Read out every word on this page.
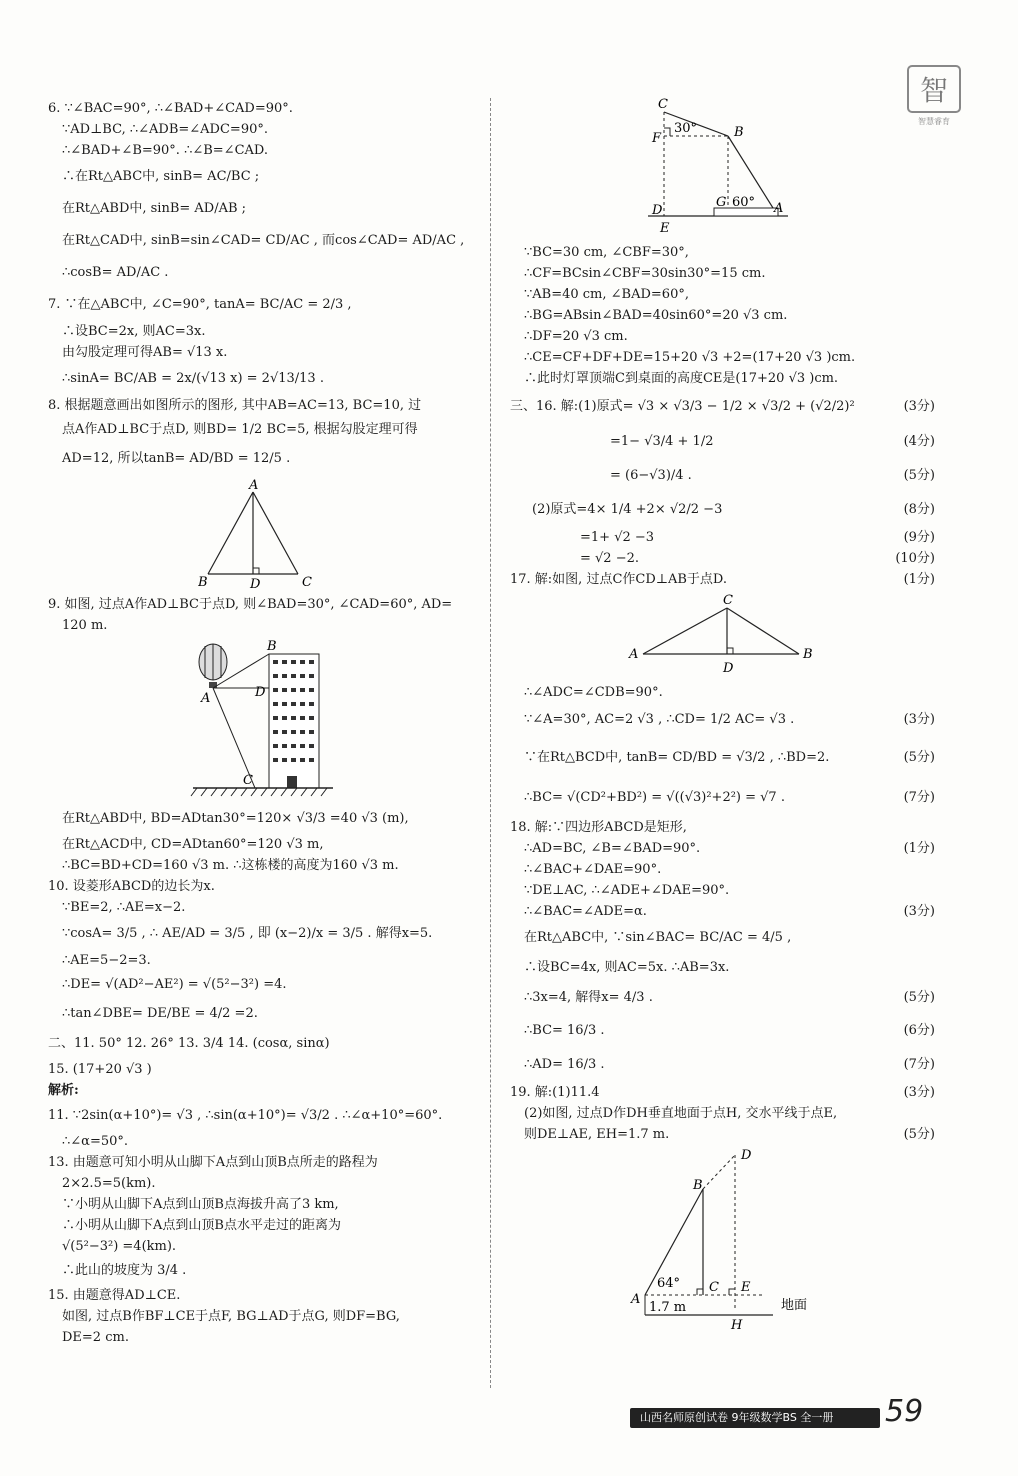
智
智慧睿育
6. ∵∠BAC=90°, ∴∠BAD+∠CAD=90°.
∵AD⊥BC, ∴∠ADB=∠ADC=90°.
∴∠BAD+∠B=90°. ∴∠B=∠CAD.
∴在Rt△ABC中, sinB= AC/BC ;
在Rt△ABD中, sinB= AD/AB ;
在Rt△CAD中, sinB=sin∠CAD= CD/AC , 而cos∠CAD= AD/AC ,
∴cosB= AD/AC .
7. ∵在△ABC中, ∠C=90°, tanA= BC/AC = 2/3 ,
∴设BC=2x, 则AC=3x.
由勾股定理可得AB= √13 x.
∴sinA= BC/AB = 2x/(√13 x) = 2√13/13 .
8. 根据题意画出如图所示的图形, 其中AB=AC=13, BC=10, 过
点A作AD⊥BC于点D, 则BD= 1/2 BC=5, 根据勾股定理可得
AD=12, 所以tanB= AD/BD = 12/5 .
A
B	D	C
9. 如图, 过点A作AD⊥BC于点D, 则∠BAD=30°, ∠CAD=60°, AD=
120 m.
B
A	D
C
在Rt△ABD中, BD=ADtan30°=120× √3/3 =40 √3 (m),
在Rt△ACD中, CD=ADtan60°=120 √3 m,
∴BC=BD+CD=160 √3 m. ∴这栋楼的高度为160 √3 m.
10. 设菱形ABCD的边长为x.
∵BE=2, ∴AE=x−2.
∵cosA= 3/5 , ∴ AE/AD = 3/5 , 即 (x−2)/x = 3/5 . 解得x=5.
∴AE=5−2=3.
∴DE= √(AD²−AE²) = √(5²−3²) =4.
∴tan∠DBE= DE/BE = 4/2 =2.
二、11. 50° 12. 26° 13. 3/4 14. (cosα, sinα)
15. (17+20 √3 )
解析:
11. ∵2sin(α+10°)= √3 , ∴sin(α+10°)= √3/2 . ∴∠α+10°=60°.
∴∠α=50°.
13. 由题意可知小明从山脚下A点到山顶B点所走的路程为
2×2.5=5(km).
∵小明从山脚下A点到山顶B点海拔升高了3 km,
∴小明从山脚下A点到山顶B点水平走过的距离为
√(5²−3²) =4(km).
∴此山的坡度为 3/4 .
15. 由题意得AD⊥CE.
如图, 过点B作BF⊥CE于点F, BG⊥AD于点G, 则DF=BG,
DE=2 cm.
C
F
30°	B
D
G 60° A
E
∵BC=30 cm, ∠CBF=30°,
∴CF=BCsin∠CBF=30sin30°=15 cm.
∵AB=40 cm, ∠BAD=60°,
∴BG=ABsin∠BAD=40sin60°=20 √3 cm.
∴DF=20 √3 cm.
∴CE=CF+DF+DE=15+20 √3 +2=(17+20 √3 )cm.
∴此时灯罩顶端C到桌面的高度CE是(17+20 √3 )cm.
三、16. 解:(1)原式= √3 × √3/3 − 1/2 × √3/2 + (√2/2)²	(3分)
=1− √3/4 + 1/2	(4分)
= (6−√3)/4 .	(5分)
(2)原式=4× 1/4 +2× √2/2 −3	(8分)
=1+ √2 −3	(9分)
= √2 −2.	(10分)
17. 解:如图, 过点C作CD⊥AB于点D.	(1分)
C
A
D
B
∴∠ADC=∠CDB=90°.
∵∠A=30°, AC=2 √3 , ∴CD= 1/2 AC= √3 .	(3分)
∵在Rt△BCD中, tanB= CD/BD = √3/2 , ∴BD=2.	(5分)
∴BC= √(CD²+BD²) = √((√3)²+2²) = √7 .	(7分)
18. 解:∵四边形ABCD是矩形,
∴AD=BC, ∠B=∠BAD=90°.	(1分)
∴∠BAC+∠DAE=90°.
∵DE⊥AC, ∴∠ADE+∠DAE=90°.
∴∠BAC=∠ADE=α.	(3分)
在Rt△ABC中, ∵sin∠BAC= BC/AC = 4/5 ,
∴设BC=4x, 则AC=5x. ∴AB=3x.
∴3x=4, 解得x= 4/3 .	(5分)
∴BC= 16/3 .	(6分)
∴AD= 16/3 .	(7分)
19. 解:(1)11.4	(3分)
(2)如图, 过点D作DH垂直地面于点H, 交水平线于点E,
则DE⊥AE, EH=1.7 m.	(5分)
D
B
64° C E
A
1.7 m	地面
H
山西名师原创试卷 9年级数学BS 全一册	59
